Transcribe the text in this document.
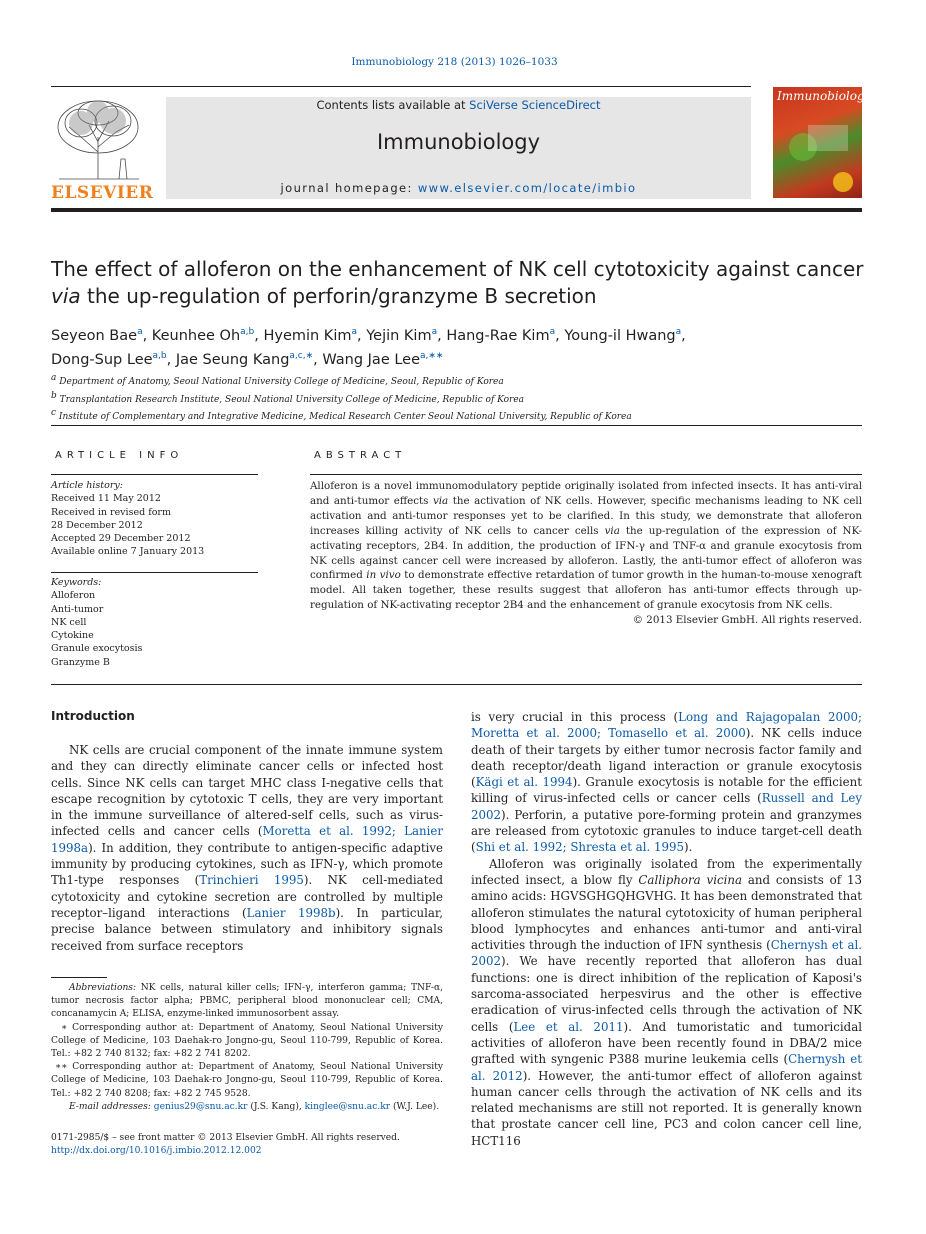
Immunobiology 218 (2013) 1026–1033
ELSEVIER
Contents lists available at SciVerse ScienceDirect
Immunobiology
journal homepage: www.elsevier.com/locate/imbio
Immunobiology
The effect of alloferon on the enhancement of NK cell cytotoxicity against cancer
via the up-regulation of perforin/granzyme B secretion
Seyeon Bae$^a$, Keunhee Oh$^{a,b}$, Hyemin Kim$^a$, Yejin Kim$^a$, Hang-Rae Kim$^a$, Young-il Hwang$^a$,
Dong-Sup Lee$^{a,b}$, Jae Seung Kang$^{a,c,∗}$, Wang Jae Lee$^{a,∗∗}$
$^a$ Department of Anatomy, Seoul National University College of Medicine, Seoul, Republic of Korea
$^b$ Transplantation Research Institute, Seoul National University College of Medicine, Republic of Korea
$^c$ Institute of Complementary and Integrative Medicine, Medical Research Center Seoul National University, Republic of Korea
ARTICLE INFO
Article history:
Received 11 May 2012
Received in revised form
28 December 2012
Accepted 29 December 2012
Available online 7 January 2013
Keywords:
Alloferon
Anti-tumor
NK cell
Cytokine
Granule exocytosis
Granzyme B
ABSTRACT
Alloferon is a novel immunomodulatory peptide originally isolated from infected insects. It has anti-viral and anti-tumor effects via the activation of NK cells. However, specific mechanisms leading to NK cell activation and anti-tumor responses yet to be clarified. In this study, we demonstrate that alloferon increases killing activity of NK cells to cancer cells via the up-regulation of the expression of NK-activating receptors, 2B4. In addition, the production of IFN-γ and TNF-α and granule exocytosis from NK cells against cancer cell were increased by alloferon. Lastly, the anti-tumor effect of alloferon was confirmed in vivo to demonstrate effective retardation of tumor growth in the human-to-mouse xenograft model. All taken together, these results suggest that alloferon has anti-tumor effects through up-regulation of NK-activating receptor 2B4 and the enhancement of granule exocytosis from NK cells.
© 2013 Elsevier GmbH. All rights reserved.
Introduction

NK cells are crucial component of the innate immune system and they can directly eliminate cancer cells or infected host cells. Since NK cells can target MHC class I-negative cells that escape recognition by cytotoxic T cells, they are very important in the immune surveillance of altered-self cells, such as virus-infected cells and cancer cells (Moretta et al. 1992; Lanier 1998a). In addition, they contribute to antigen-specific adaptive immunity by producing cytokines, such as IFN-γ, which promote Th1-type responses (Trinchieri 1995). NK cell-mediated cytotoxicity and cytokine secretion are controlled by multiple receptor–ligand interactions (Lanier 1998b). In particular, precise balance between stimulatory and inhibitory signals received from surface receptors

is very crucial in this process (Long and Rajagopalan 2000; Moretta et al. 2000; Tomasello et al. 2000). NK cells induce death of their targets by either tumor necrosis factor family and death receptor/death ligand interaction or granule exocytosis (Kägi et al. 1994). Granule exocytosis is notable for the efficient killing of virus-infected cells or cancer cells (Russell and Ley 2002). Perforin, a putative pore-forming protein and granzymes are released from cytotoxic granules to induce target-cell death (Shi et al. 1992; Shresta et al. 1995).

Alloferon was originally isolated from the experimentally infected insect, a blow fly Calliphora vicina and consists of 13 amino acids: HGVSGHGQHGVHG. It has been demonstrated that alloferon stimulates the natural cytotoxicity of human peripheral blood lymphocytes and enhances anti-tumor and anti-viral activities through the induction of IFN synthesis (Chernysh et al. 2002). We have recently reported that alloferon has dual functions: one is direct inhibition of the replication of Kaposi's sarcoma-associated herpesvirus and the other is effective eradication of virus-infected cells through the activation of NK cells (Lee et al. 2011). And tumoristatic and tumoricidal activities of alloferon have been recently found in DBA/2 mice grafted with syngenic P388 murine leukemia cells (Chernysh et al. 2012). However, the anti-tumor effect of alloferon against human cancer cells through the activation of NK cells and its related mechanisms are still not reported. It is generally known that prostate cancer cell line, PC3 and colon cancer cell line, HCT116

Abbreviations: NK cells, natural killer cells; IFN-γ, interferon gamma; TNF-α, tumor necrosis factor alpha; PBMC, peripheral blood mononuclear cell; CMA, concanamycin A; ELISA, enzyme-linked immunosorbent assay.

∗ Corresponding author at: Department of Anatomy, Seoul National University College of Medicine, 103 Daehak-ro Jongno-gu, Seoul 110-799, Republic of Korea. Tel.: +82 2 740 8132; fax: +82 2 741 8202.

∗∗ Corresponding author at: Department of Anatomy, Seoul National University College of Medicine, 103 Daehak-ro Jongno-gu, Seoul 110-799, Republic of Korea. Tel.: +82 2 740 8208; fax: +82 2 745 9528.

E-mail addresses: genius29@snu.ac.kr (J.S. Kang), kinglee@snu.ac.kr (W.J. Lee).

0171-2985/$ – see front matter © 2013 Elsevier GmbH. All rights reserved.
http://dx.doi.org/10.1016/j.imbio.2012.12.002
